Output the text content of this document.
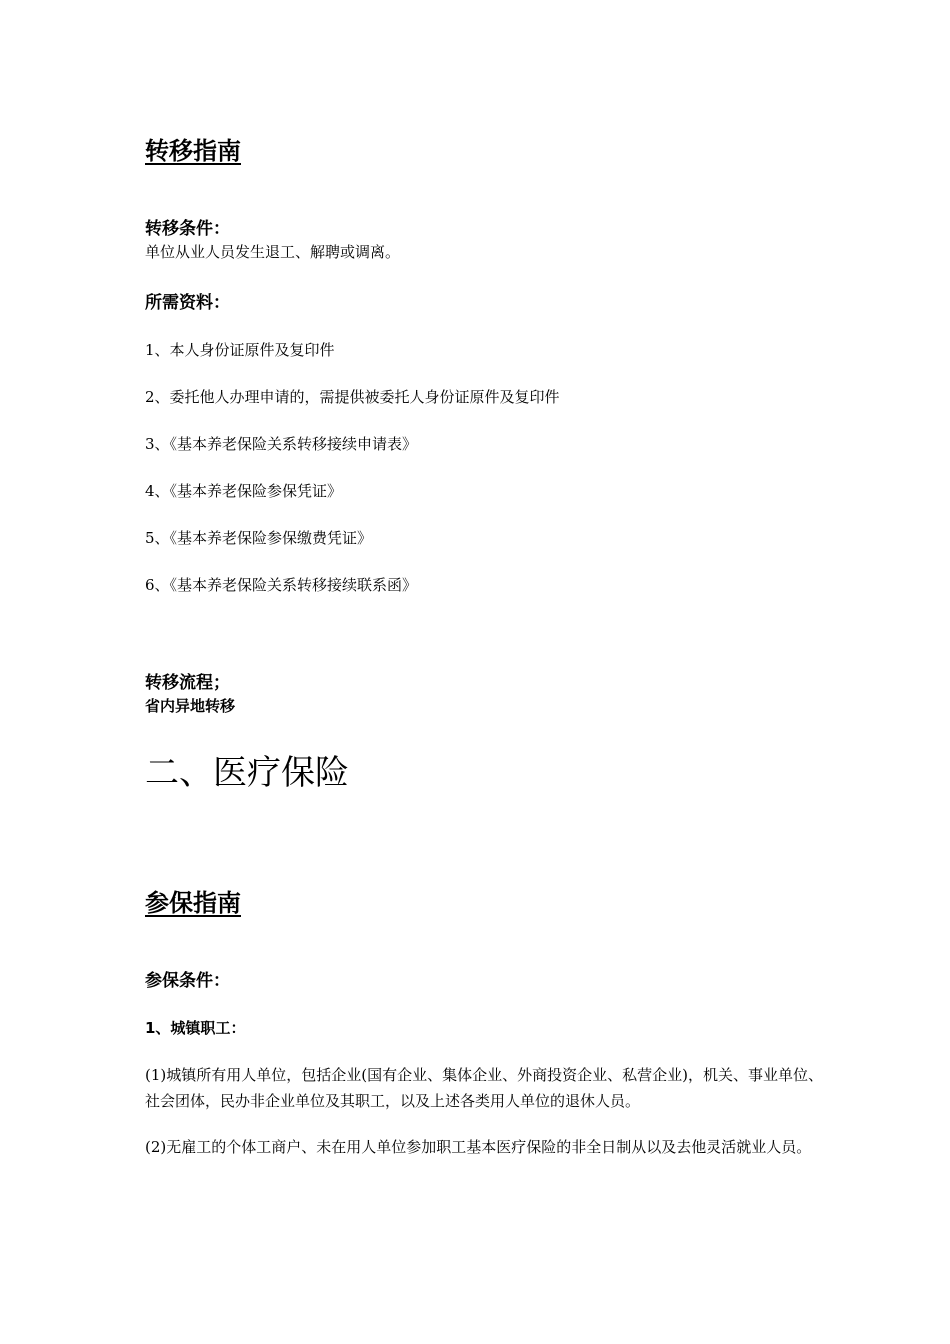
转移指南
转移条件：
单位从业人员发生退工、解聘或调离。
所需资料：
1、本人身份证原件及复印件
2、委托他人办理申请的，需提供被委托人身份证原件及复印件
3、《基本养老保险关系转移接续申请表》
4、《基本养老保险参保凭证》
5、《基本养老保险参保缴费凭证》
6、《基本养老保险关系转移接续联系函》
转移流程；
省内异地转移
二、医疗保险
参保指南
参保条件：
1、城镇职工：
(1)城镇所有用人单位，包括企业(国有企业、集体企业、外商投资企业、私营企业)，机关、事业单位、社会团体，民办非企业单位及其职工，以及上述各类用人单位的退休人员。
(2)无雇工的个体工商户、未在用人单位参加职工基本医疗保险的非全日制从以及去他灵活就业人员。
